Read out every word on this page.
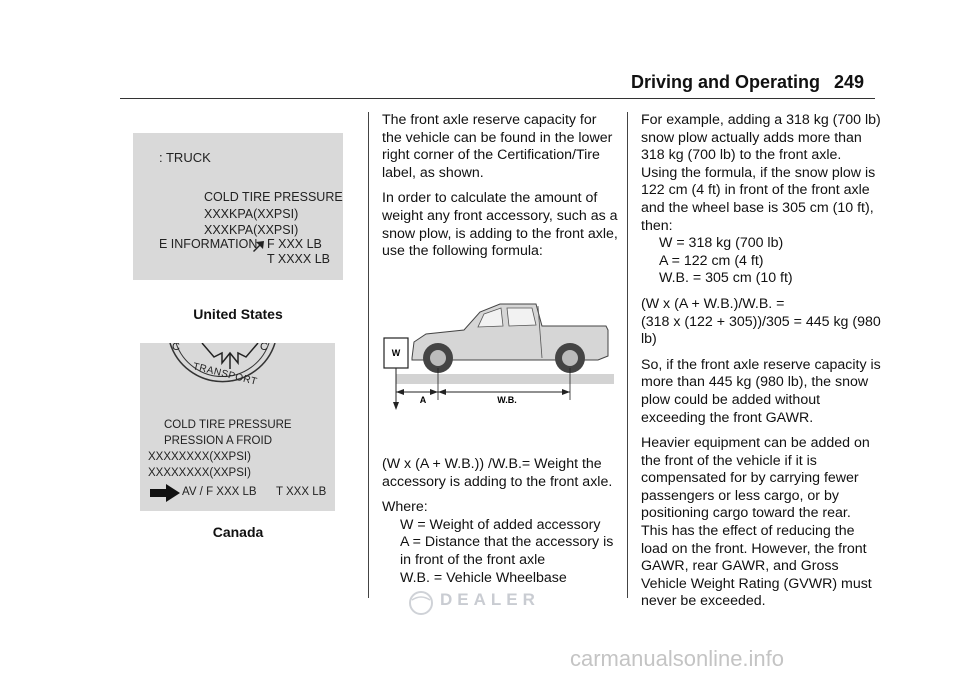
Driving and Operating 249
: TRUCK
COLD TIRE PRESSURE
XXXKPA(XXPSI)
XXXKPA(XXPSI)
E INFORMATION F XXX LB
T XXXX LB
United States
C	C
TRANSPORT
COLD TIRE PRESSURE
PRESSION A FROID
XXXXXXXX(XXPSI)
XXXXXXXX(XXPSI)
AV / F XXX LB T XXX LB
Canada

The front axle reserve capacity for the vehicle can be found in the lower right corner of the Certification/Tire label, as shown.

In order to calculate the amount of weight any front accessory, such as a snow plow, is adding to the front axle, use the following formula:

W
A	W.B.

(W x (A + W.B.)) /W.B.= Weight the accessory is adding to the front axle.

Where:

W = Weight of added accessory

A = Distance that the accessory is in front of the front axle

W.B. = Vehicle Wheelbase

For example, adding a 318 kg (700 lb) snow plow actually adds more than 318 kg (700 lb) to the front axle. Using the formula, if the snow plow is 122 cm (4 ft) in front of the front axle and the wheel base is 305 cm (10 ft), then:

W = 318 kg (700 lb)

A = 122 cm (4 ft)

W.B. = 305 cm (10 ft)

(W x (A + W.B.)/W.B. =

(318 x (122 + 305))/305 = 445 kg (980 lb)

So, if the front axle reserve capacity is more than 445 kg (980 lb), the snow plow could be added without exceeding the front GAWR.

Heavier equipment can be added on the front of the vehicle if it is compensated for by carrying fewer passengers or less cargo, or by positioning cargo toward the rear. This has the effect of reducing the load on the front. However, the front GAWR, rear GAWR, and Gross Vehicle Weight Rating (GVWR) must never be exceeded.

DEALER
carmanualsonline.info
